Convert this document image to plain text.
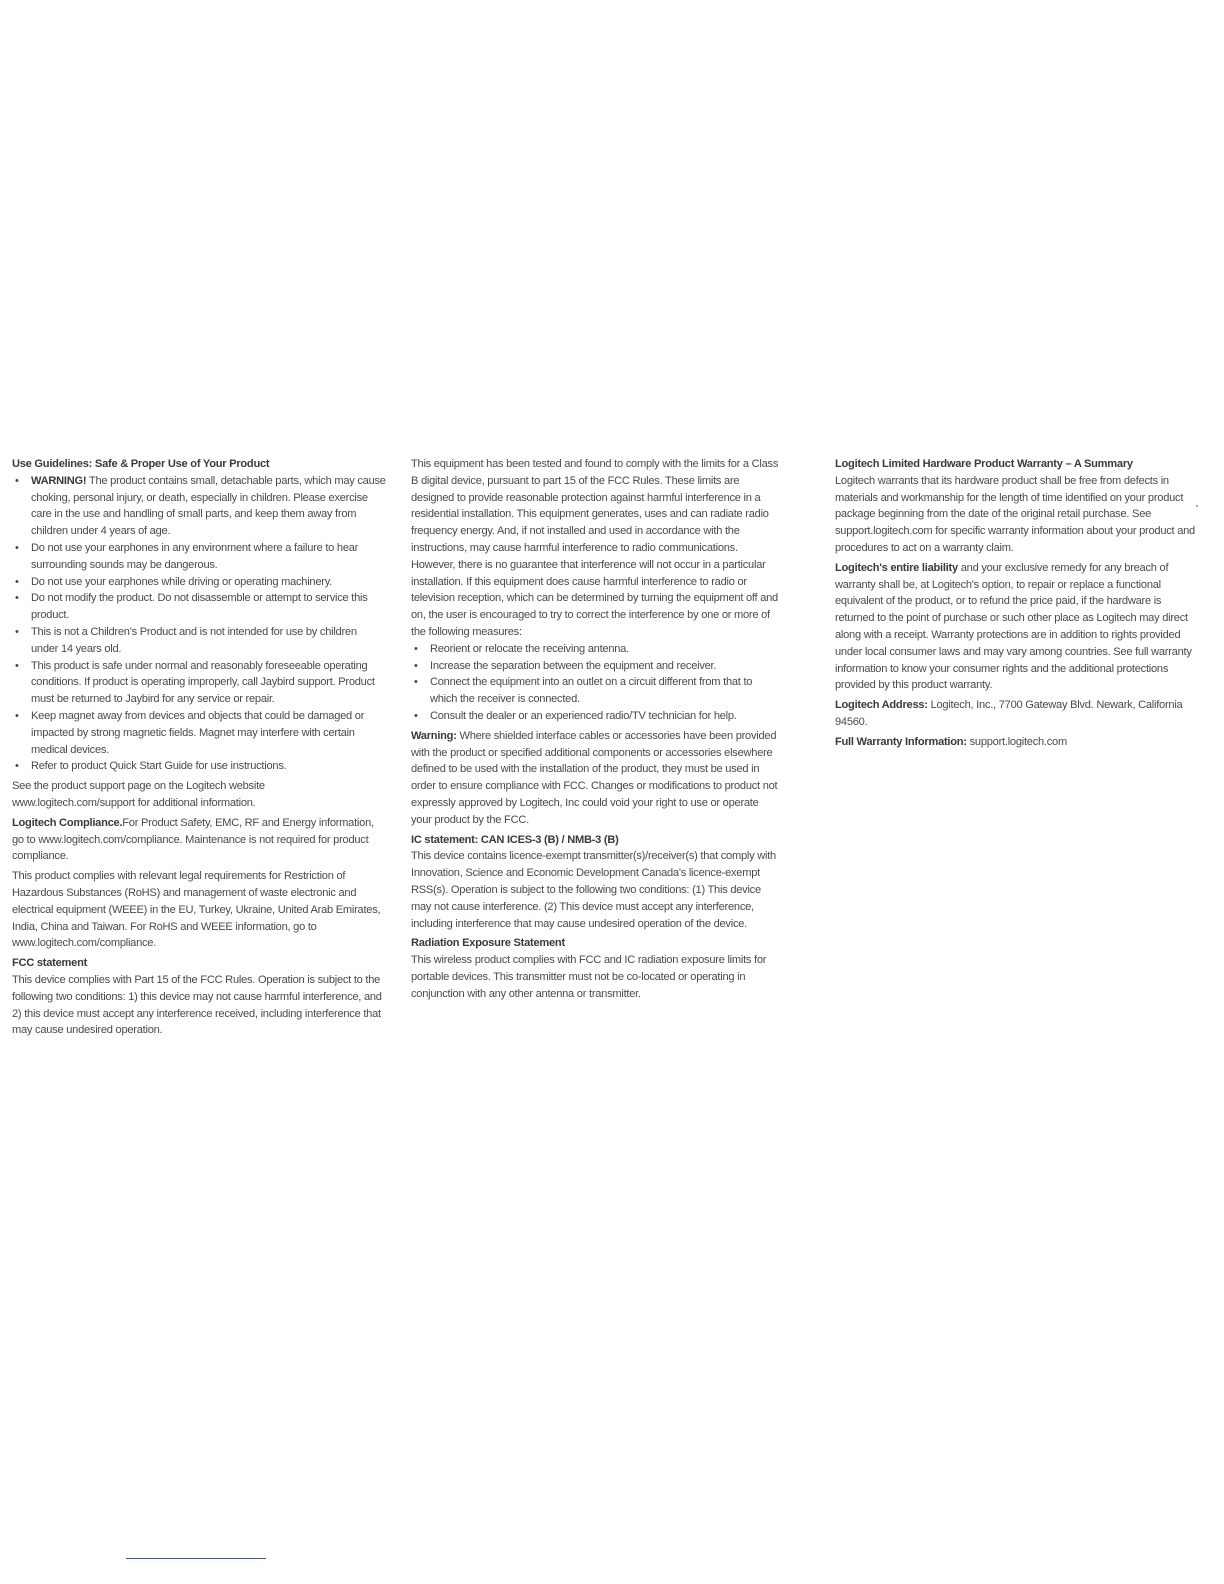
Use Guidelines: Safe & Proper Use of Your Product
• WARNING! The product contains small, detachable parts, which may cause choking, personal injury, or death, especially in children. Please exercise care in the use and handling of small parts, and keep them away from children under 4 years of age.
• Do not use your earphones in any environment where a failure to hear surrounding sounds may be dangerous.
• Do not use your earphones while driving or operating machinery.
• Do not modify the product. Do not disassemble or attempt to service this product.
• This is not a Children's Product and is not intended for use by children under 14 years old.
• This product is safe under normal and reasonably foreseeable operating conditions. If product is operating improperly, call Jaybird support. Product must be returned to Jaybird for any service or repair.
• Keep magnet away from devices and objects that could be damaged or impacted by strong magnetic fields. Magnet may interfere with certain medical devices.
• Refer to product Quick Start Guide for use instructions.

See the product support page on the Logitech website www.logitech.com/support for additional information.

Logitech Compliance.For Product Safety, EMC, RF and Energy information, go to www.logitech.com/compliance. Maintenance is not required for product compliance.

This product complies with relevant legal requirements for Restriction of Hazardous Substances (RoHS) and management of waste electronic and electrical equipment (WEEE) in the EU, Turkey, Ukraine, United Arab Emirates, India, China and Taiwan. For RoHS and WEEE information, go to www.logitech.com/compliance.

FCC statement

This device complies with Part 15 of the FCC Rules. Operation is subject to the following two conditions: 1) this device may not cause harmful interference, and 2) this device must accept any interference received, including interference that may cause undesired operation.

This equipment has been tested and found to comply with the limits for a Class B digital device, pursuant to part 15 of the FCC Rules. These limits are designed to provide reasonable protection against harmful interference in a residential installation. This equipment generates, uses and can radiate radio frequency energy. And, if not installed and used in accordance with the instructions, may cause harmful interference to radio communications. However, there is no guarantee that interference will not occur in a particular installation. If this equipment does cause harmful interference to radio or television reception, which can be determined by turning the equipment off and on, the user is encouraged to try to correct the interference by one or more of the following measures:

• Reorient or relocate the receiving antenna.
• Increase the separation between the equipment and receiver.
• Connect the equipment into an outlet on a circuit different from that to which the receiver is connected.
• Consult the dealer or an experienced radio/TV technician for help.

Warning: Where shielded interface cables or accessories have been provided with the product or specified additional components or accessories elsewhere defined to be used with the installation of the product, they must be used in order to ensure compliance with FCC. Changes or modifications to product not expressly approved by Logitech, Inc could void your right to use or operate your product by the FCC.

IC statement: CAN ICES-3 (B) / NMB-3 (B)

This device contains licence-exempt transmitter(s)/receiver(s) that comply with Innovation, Science and Economic Development Canada's licence-exempt RSS(s). Operation is subject to the following two conditions: (1) This device may not cause interference. (2) This device must accept any interference, including interference that may cause undesired operation of the device.

Radiation Exposure Statement

This wireless product complies with FCC and IC radiation exposure limits for portable devices. This transmitter must not be co-located or operating in conjunction with any other antenna or transmitter.

Logitech Limited Hardware Product Warranty – A Summary

Logitech warrants that its hardware product shall be free from defects in materials and workmanship for the length of time identified on your product package beginning from the date of the original retail purchase. See support.logitech.com for specific warranty information about your product and procedures to act on a warranty claim.

Logitech's entire liability and your exclusive remedy for any breach of warranty shall be, at Logitech's option, to repair or replace a functional equivalent of the product, or to refund the price paid, if the hardware is returned to the point of purchase or such other place as Logitech may direct along with a receipt. Warranty protections are in addition to rights provided under local consumer laws and may vary among countries. See full warranty information to know your consumer rights and the additional protections provided by this product warranty.

Logitech Address: Logitech, Inc., 7700 Gateway Blvd. Newark, California 94560.

Full Warranty Information: support.logitech.com
